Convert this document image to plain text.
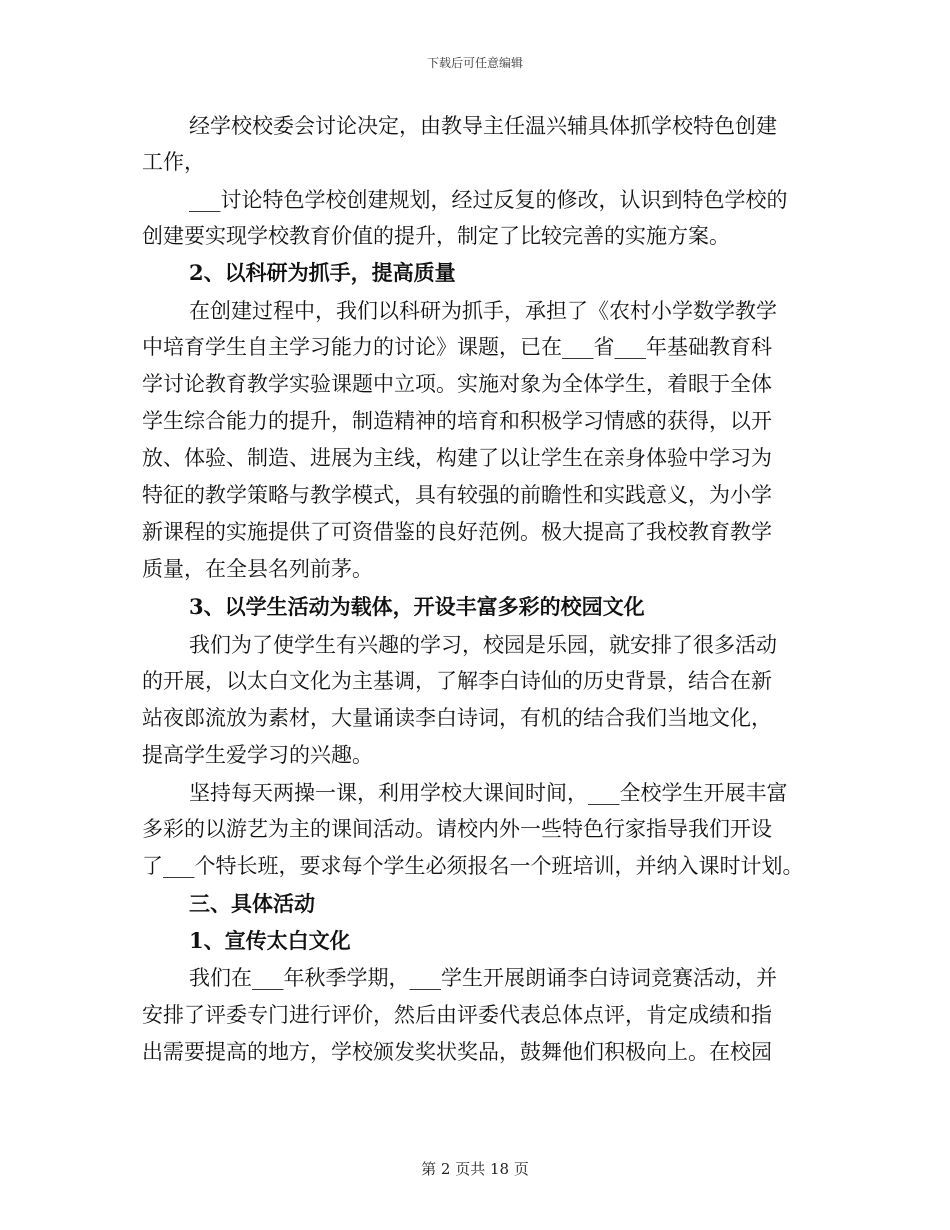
下载后可任意编辑
经学校校委会讨论决定，由教导主任温兴辅具体抓学校特色创建
工作，
___讨论特色学校创建规划，经过反复的修改，认识到特色学校的
创建要实现学校教育价值的提升，制定了比较完善的实施方案。
2、以科研为抓手，提高质量
在创建过程中，我们以科研为抓手，承担了《农村小学数学教学
中培育学生自主学习能力的讨论》课题，已在___省___年基础教育科
学讨论教育教学实验课题中立项。实施对象为全体学生，着眼于全体
学生综合能力的提升，制造精神的培育和积极学习情感的获得，以开
放、体验、制造、进展为主线，构建了以让学生在亲身体验中学习为
特征的教学策略与教学模式，具有较强的前瞻性和实践意义，为小学
新课程的实施提供了可资借鉴的良好范例。极大提高了我校教育教学
质量，在全县名列前茅。
3、以学生活动为载体，开设丰富多彩的校园文化
我们为了使学生有兴趣的学习，校园是乐园，就安排了很多活动
的开展，以太白文化为主基调，了解李白诗仙的历史背景，结合在新
站夜郎流放为素材，大量诵读李白诗词，有机的结合我们当地文化，
提高学生爱学习的兴趣。
坚持每天两操一课，利用学校大课间时间，___全校学生开展丰富
多彩的以游艺为主的课间活动。请校内外一些特色行家指导我们开设
了___个特长班，要求每个学生必须报名一个班培训，并纳入课时计划。
三、具体活动
1、宣传太白文化
我们在___年秋季学期，___学生开展朗诵李白诗词竞赛活动，并
安排了评委专门进行评价，然后由评委代表总体点评，肯定成绩和指
出需要提高的地方，学校颁发奖状奖品，鼓舞他们积极向上。在校园
第 2 页共 18 页
